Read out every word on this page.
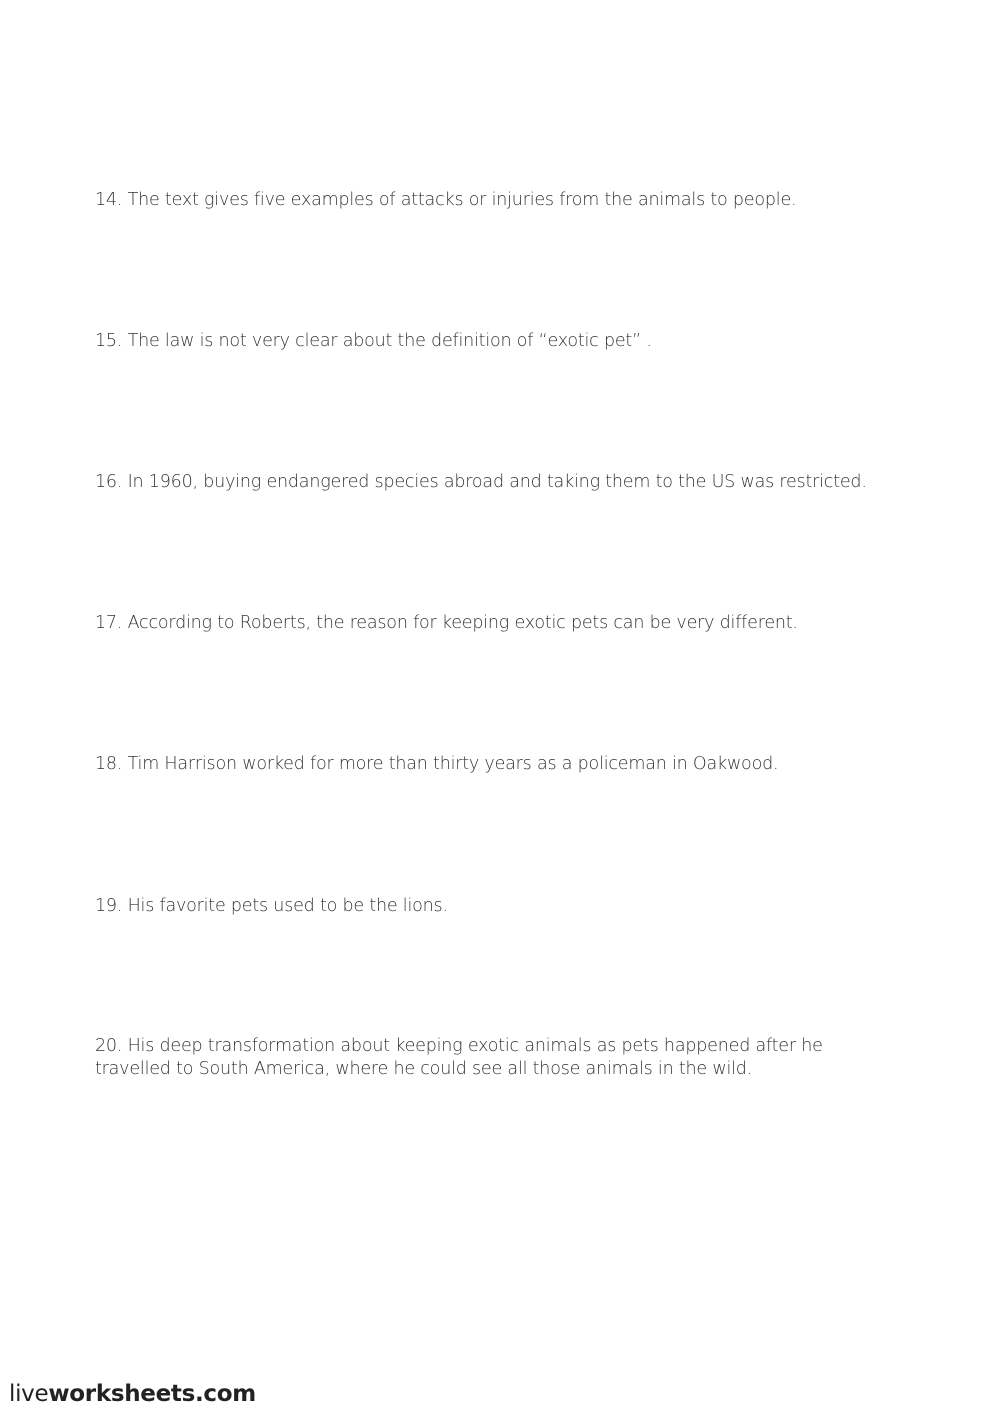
14. The text gives five examples of attacks or injuries from the animals to people.
15. The law is not very clear about the definition of “exotic pet” .
16. In 1960, buying endangered species abroad and taking them to the US was restricted.
17. According to Roberts, the reason for keeping exotic pets can be very different.
18. Tim Harrison worked for more than thirty years as a policeman in Oakwood.
19. His favorite pets used to be the lions.
20. His deep transformation about keeping exotic animals as pets happened after he
travelled to South America, where he could see all those animals in the wild.
liveworksheets.com
